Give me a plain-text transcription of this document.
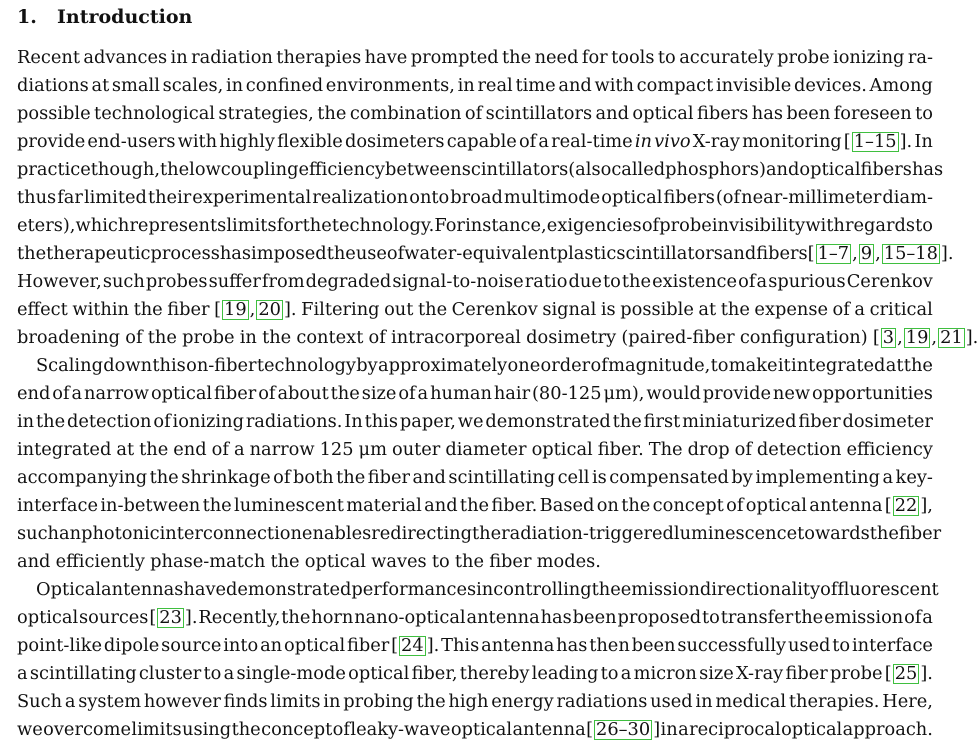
1. Introduction
Recent advances in radiation therapies have prompted the need for tools to accurately probe ionizing ra-
diations at small scales, in confined environments, in real time and with compact invisible devices. Among
possible technological strategies, the combination of scintillators and optical fibers has been foreseen to
provide end-users with highly flexible dosimeters capable of a real-time in vivo X-ray monitoring [ 1–15 ]. In
practice though, the low coupling efficiency between scintillators (also called phosphors) and optical fibers has
thus far limited their experimental realization onto broad multimode optical fibers (of near-millimeter diam-
eters), which represents limits for the technology. For instance, exigencies of probe invisibility with regards to
the therapeutic process has imposed the use of water-equivalent plastic scintillators and fibers [ 1–7 , 9 , 15–18 ].
However, such probes suffer from degraded signal-to-noise ratio due to the existence of a spurious Cerenkov
effect within the fiber [ 19 , 20 ]. Filtering out the Cerenkov signal is possible at the expense of a critical
broadening of the probe in the context of intracorporeal dosimetry (paired-fiber configuration) [ 3 , 19 , 21 ].
Scaling down this on-fiber technology by approximately one order of magnitude, to make it integrated at the
end of a narrow optical fiber of about the size of a human hair (80-125 μm), would provide new opportunities
in the detection of ionizing radiations. In this paper, we demonstrated the first miniaturized fiber dosimeter
integrated at the end of a narrow 125 μm outer diameter optical fiber. The drop of detection efficiency
accompanying the shrinkage of both the fiber and scintillating cell is compensated by implementing a key-
interface in-between the luminescent material and the fiber. Based on the concept of optical antenna [ 22 ],
such an photonic interconnection enables redirecting the radiation-triggered luminescence towards the fiber
and efficiently phase-match the optical waves to the fiber modes.
Optical antennas have demonstrated performances in controlling the emission directionality of fluorescent
optical sources [ 23 ]. Recently, the horn nano-optical antenna has been proposed to transfer the emission of a
point-like dipole source into an optical fiber [ 24 ]. This antenna has then been successfully used to interface
a scintillating cluster to a single-mode optical fiber, thereby leading to a micron size X-ray fiber probe [ 25 ].
Such a system however finds limits in probing the high energy radiations used in medical therapies. Here,
we overcome limits using the concept of leaky-wave optical antenna [ 26–30 ] in a reciprocal optical approach.
